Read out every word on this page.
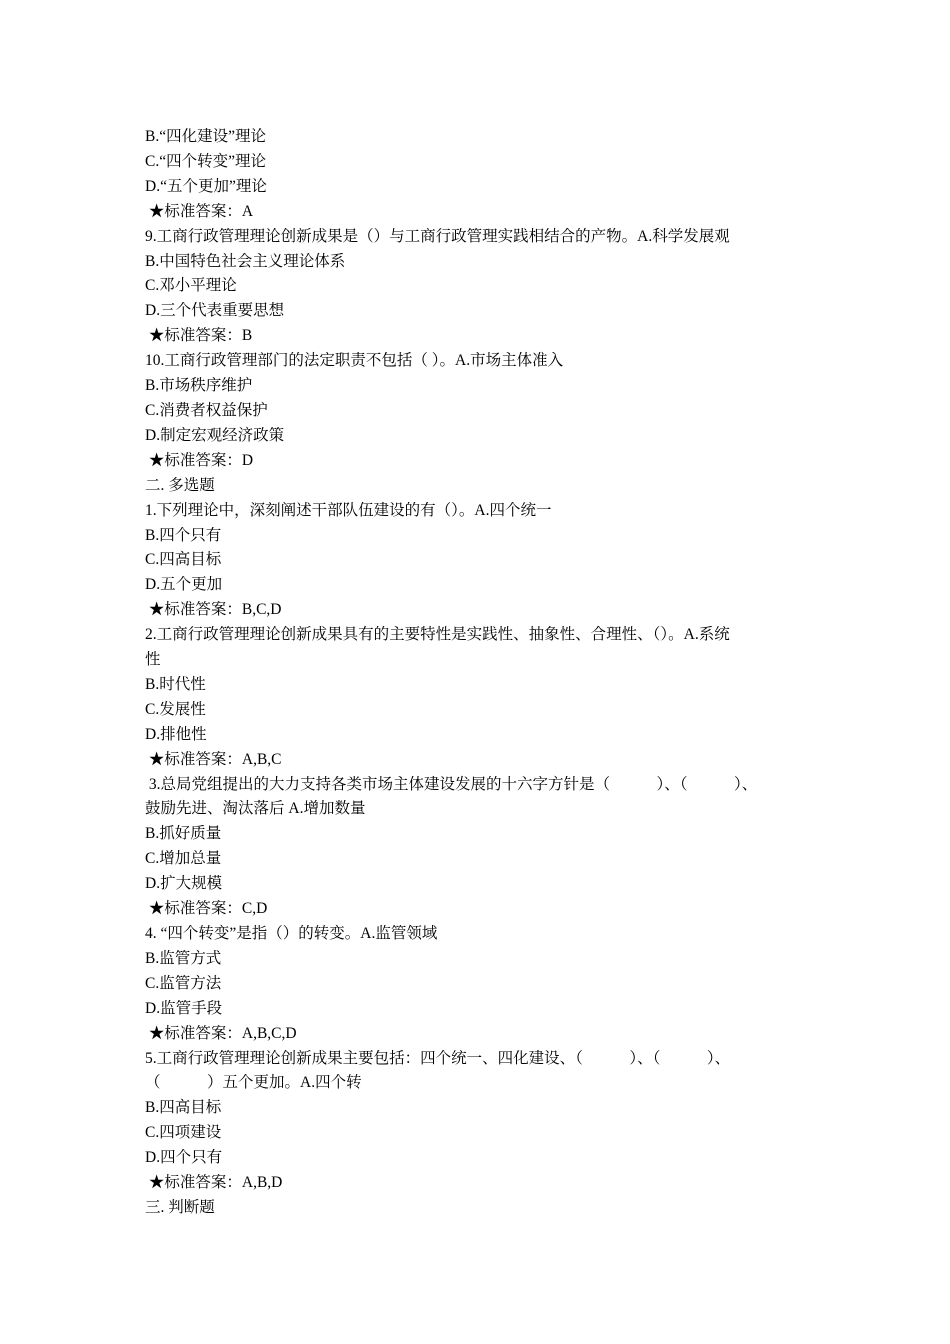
B.“四化建设”理论
C.“四个转变”理论
D.“五个更加”理论
★标准答案：A
9.工商行政管理理论创新成果是（）与工商行政管理实践相结合的产物。A.科学发展观
B.中国特色社会主义理论体系
C.邓小平理论
D.三个代表重要思想
★标准答案：B
10.工商行政管理部门的法定职责不包括（ ）。A.市场主体准入
B.市场秩序维护
C.消费者权益保护
D.制定宏观经济政策
★标准答案：D
二. 多选题
1.下列理论中，深刻阐述干部队伍建设的有（）。A.四个统一
B.四个只有
C.四高目标
D.五个更加
★标准答案：B,C,D
2.工商行政管理理论创新成果具有的主要特性是实践性、抽象性、合理性、（）。A.系统
性
B.时代性
C.发展性
D.排他性
★标准答案：A,B,C
3.总局党组提出的大力支持各类市场主体建设发展的十六字方针是（　　　）、（　　　）、
鼓励先进、淘汰落后 A.增加数量
B.抓好质量
C.增加总量
D.扩大规模
★标准答案：C,D
4. “四个转变”是指（）的转变。A.监管领域
B.监管方式
C.监管方法
D.监管手段
★标准答案：A,B,C,D
5.工商行政管理理论创新成果主要包括：四个统一、四化建设、（　　　）、（　　　）、
（　　　）五个更加。A.四个转
B.四高目标
C.四项建设
D.四个只有
★标准答案：A,B,D
三. 判断题
